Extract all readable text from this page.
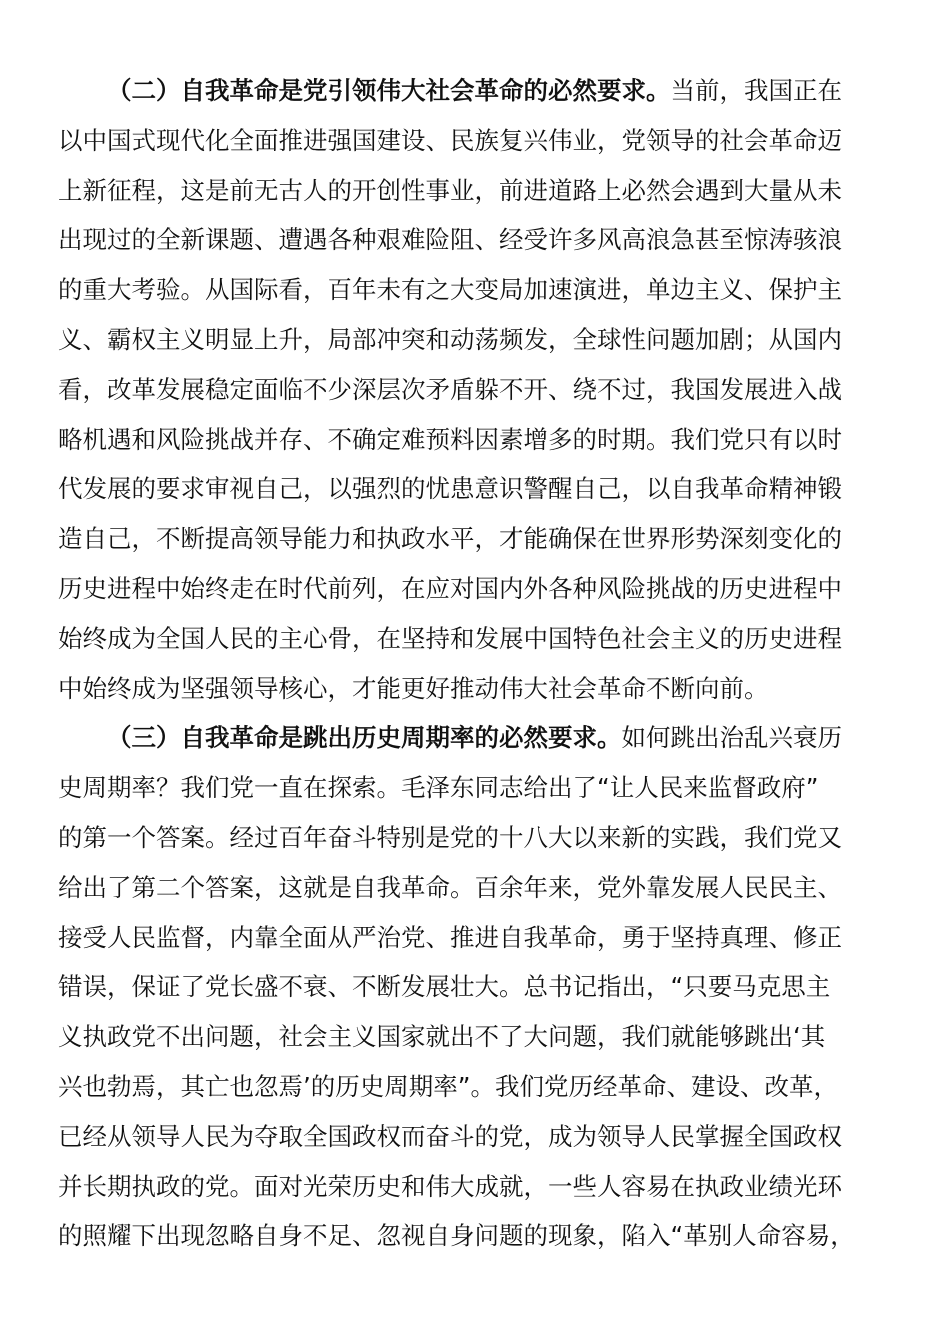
（二）自我革命是党引领伟大社会革命的必然要求。当前，我国正在
以中国式现代化全面推进强国建设、民族复兴伟业，党领导的社会革命迈
上新征程，这是前无古人的开创性事业，前进道路上必然会遇到大量从未
出现过的全新课题、遭遇各种艰难险阻、经受许多风高浪急甚至惊涛骇浪
的重大考验。从国际看，百年未有之大变局加速演进，单边主义、保护主
义、霸权主义明显上升，局部冲突和动荡频发，全球性问题加剧；从国内
看，改革发展稳定面临不少深层次矛盾躲不开、绕不过，我国发展进入战
略机遇和风险挑战并存、不确定难预料因素增多的时期。我们党只有以时
代发展的要求审视自己，以强烈的忧患意识警醒自己，以自我革命精神锻
造自己，不断提高领导能力和执政水平，才能确保在世界形势深刻变化的
历史进程中始终走在时代前列，在应对国内外各种风险挑战的历史进程中
始终成为全国人民的主心骨，在坚持和发展中国特色社会主义的历史进程
中始终成为坚强领导核心，才能更好推动伟大社会革命不断向前。
（三）自我革命是跳出历史周期率的必然要求。如何跳出治乱兴衰历
史周期率？我们党一直在探索。毛泽东同志给出了“让人民来监督政府”
的第一个答案。经过百年奋斗特别是党的十八大以来新的实践，我们党又
给出了第二个答案，这就是自我革命。百余年来，党外靠发展人民民主、
接受人民监督，内靠全面从严治党、推进自我革命，勇于坚持真理、修正
错误，保证了党长盛不衰、不断发展壮大。总书记指出，“只要马克思主
义执政党不出问题，社会主义国家就出不了大问题，我们就能够跳出‘其
兴也勃焉，其亡也忽焉’的历史周期率”。我们党历经革命、建设、改革，
已经从领导人民为夺取全国政权而奋斗的党，成为领导人民掌握全国政权
并长期执政的党。面对光荣历史和伟大成就，一些人容易在执政业绩光环
的照耀下出现忽略自身不足、忽视自身问题的现象，陷入“革别人命容易，
